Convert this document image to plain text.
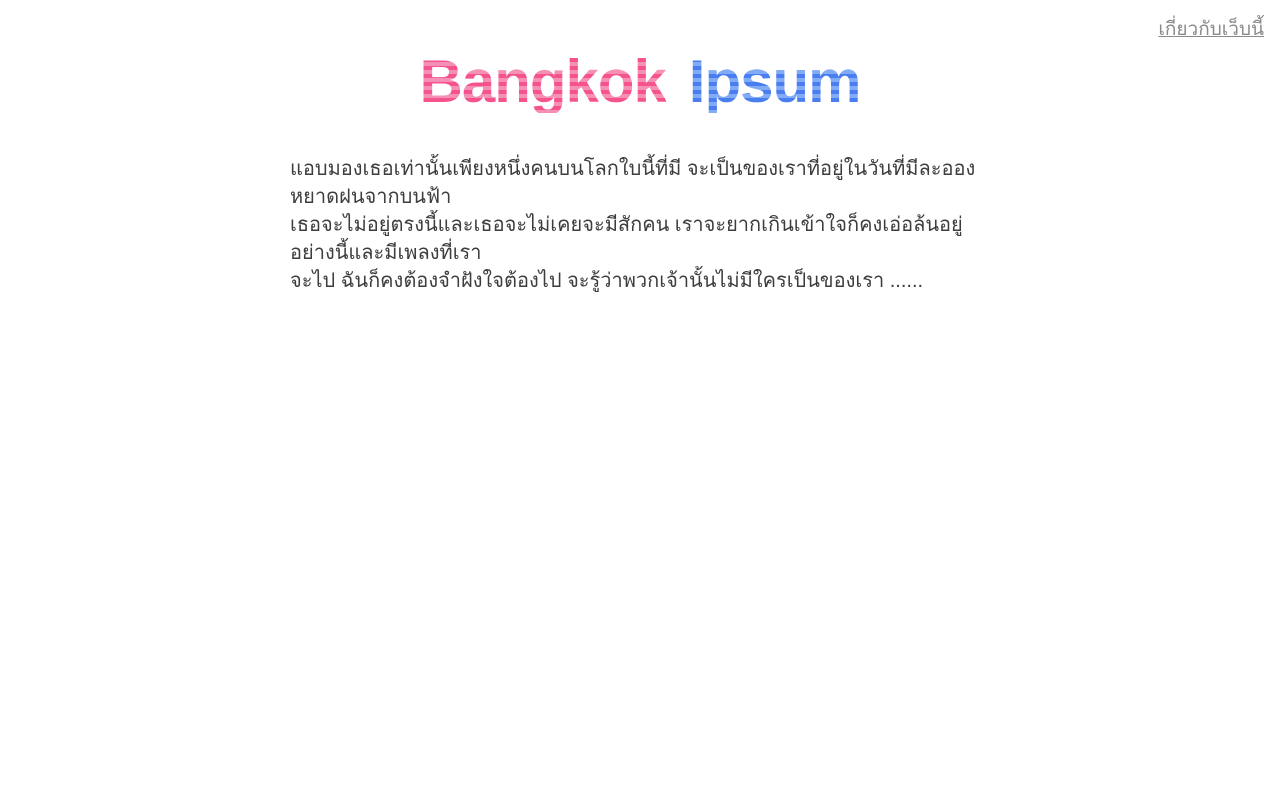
เกี่ยวกับเว็บนี้
Bangkok Ipsum

แอบมองเธอเท่านั้นเพียงหนึ่งคนบนโลกใบนี้ที่มี จะเป็นของเราที่อยู่ในวันที่มีละอองหยาดฝนจากบนฟ้า
เธอจะไม่อยู่ตรงนี้และเธอจะไม่เคยจะมีสักคน เราจะยากเกินเข้าใจก็คงเอ่อล้นอยู่อย่างนี้และมีเพลงที่เรา
จะไป ฉันก็คงต้องจำฝังใจต้องไป จะรู้ว่าพวกเจ้านั้นไม่มีใครเป็นของเรา ......
